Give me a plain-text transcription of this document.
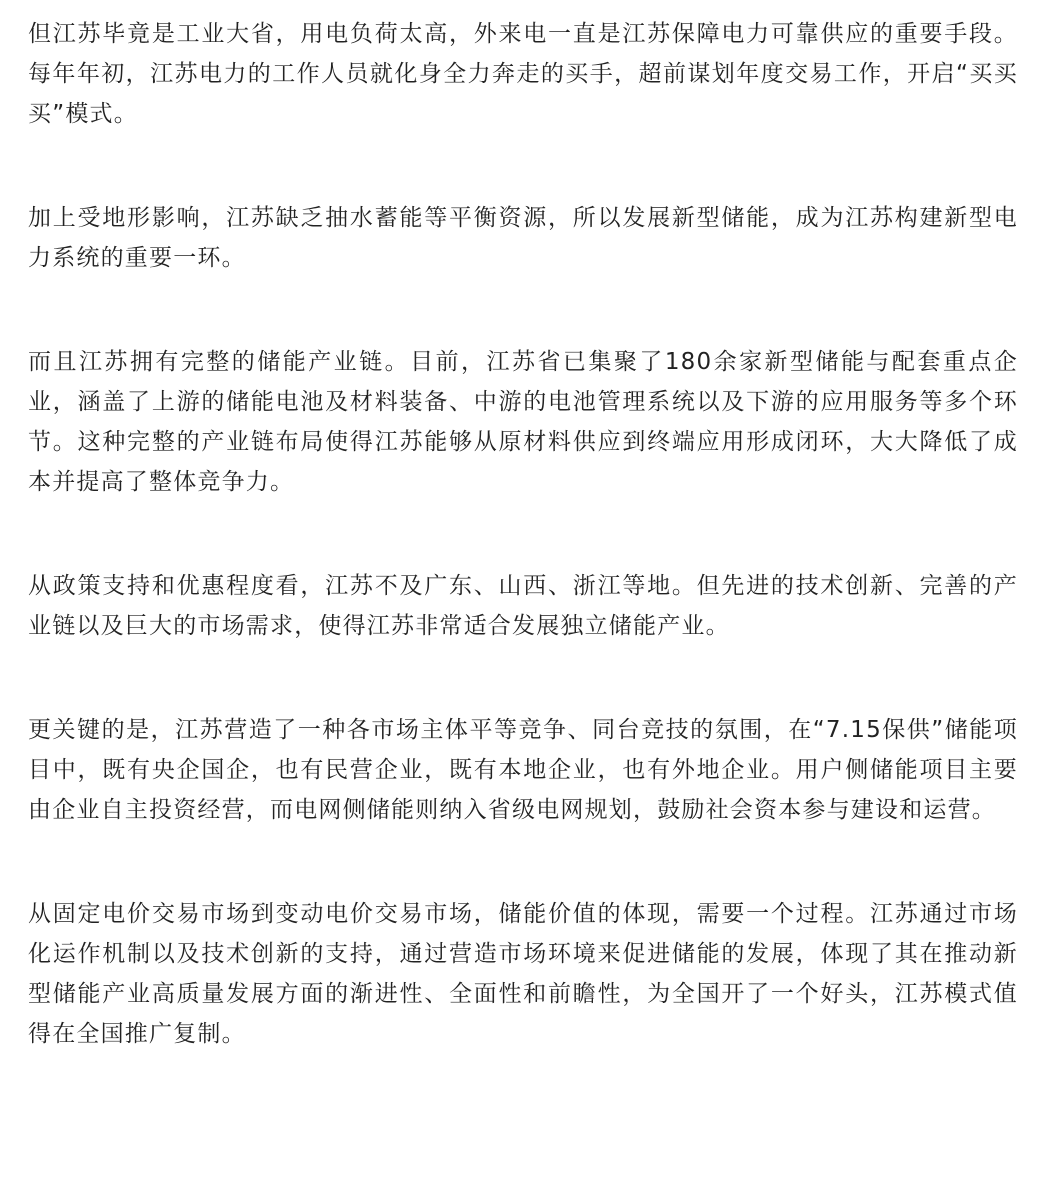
但江苏毕竟是工业大省，用电负荷太高，外来电一直是江苏保障电力可靠供应的重要手段。每年年初，江苏电力的工作人员就化身全力奔走的买手，超前谋划年度交易工作，开启“买买买”模式。

加上受地形影响，江苏缺乏抽水蓄能等平衡资源，所以发展新型储能，成为江苏构建新型电力系统的重要一环。

而且江苏拥有完整的储能产业链。目前，江苏省已集聚了180余家新型储能与配套重点企业，涵盖了上游的储能电池及材料装备、中游的电池管理系统以及下游的应用服务等多个环节。这种完整的产业链布局使得江苏能够从原材料供应到终端应用形成闭环，大大降低了成本并提高了整体竞争力。

从政策支持和优惠程度看，江苏不及广东、山西、浙江等地。但先进的技术创新、完善的产业链以及巨大的市场需求，使得江苏非常适合发展独立储能产业。

更关键的是，江苏营造了一种各市场主体平等竞争、同台竞技的氛围，在“7.15保供”储能项目中，既有央企国企，也有民营企业，既有本地企业，也有外地企业。用户侧储能项目主要由企业自主投资经营，而电网侧储能则纳入省级电网规划，鼓励社会资本参与建设和运营。

从固定电价交易市场到变动电价交易市场，储能价值的体现，需要一个过程。江苏通过市场化运作机制以及技术创新的支持，通过营造市场环境来促进储能的发展，体现了其在推动新型储能产业高质量发展方面的渐进性、全面性和前瞻性，为全国开了一个好头，江苏模式值得在全国推广复制。
